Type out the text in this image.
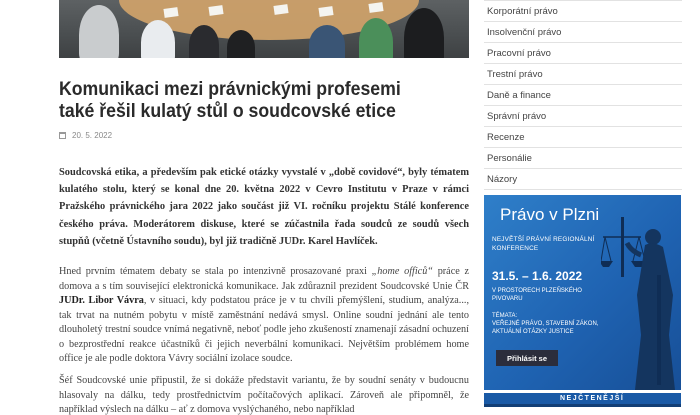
Komunikaci mezi právnickými profesemi také řešil kulatý stůl o soudcovské etice
20. 5. 2022

Soudcovská etika, a především pak etické otázky vyvstalé v „době covidové“, byly tématem kulatého stolu, který se konal dne 20. května 2022 v Cevro Institutu v Praze v rámci Pražského právnického jara 2022 jako součást již VI. ročníku projektu Stálé konference českého práva. Moderátorem diskuse, které se zúčastnila řada soudců ze soudů všech stupňů (včetně Ústavního soudu), byl již tradičně JUDr. Karel Havlíček.

Hned prvním tématem debaty se stala po intenzivně prosazované praxi „home officů“ práce z domova a s tím související elektronická komunikace. Jak zdůraznil prezident Soudcovské Unie ČR JUDr. Libor Vávra, v situaci, kdy podstatou práce je v tu chvíli přemýšlení, studium, analýza..., tak trvat na nutném pobytu v místě zaměstnání nedává smysl. Online soudní jednání ale tento dlouholetý trestní soudce vnímá negativně, neboť podle jeho zkušeností znamenají zásadní ochuzení o bezprostřední reakce účastníků či jejich neverbální komunikaci. Největším problémem home office je ale podle doktora Vávry sociální izolace soudce.

Šéf Soudcovské unie připustil, že si dokáže představit variantu, že by soudní senáty v budoucnu hlasovaly na dálku, tedy prostřednictvím počítačových aplikací. Zároveň ale připomněl, že například výslech na dálku – ať z domova vyslýchaného, nebo například

Korporátní právo
Insolvenční právo
Pracovní právo
Trestní právo
Daně a finance
Správní právo
Recenze
Personálie
Názory
Právo v Plzni
NEJVĚTŠÍ PRÁVNÍ REGIONÁLNÍ KONFERENCE
31.5. – 1.6. 2022
V PROSTORECH PLZEŇSKÉHO PIVOVARU
TÉMATA:
VEŘEJNÉ PRÁVO, STAVEBNÍ ZÁKON, AKTUÁLNÍ OTÁZKY JUSTICE
Přihlásit se
NEJČTENĚJŠÍ
